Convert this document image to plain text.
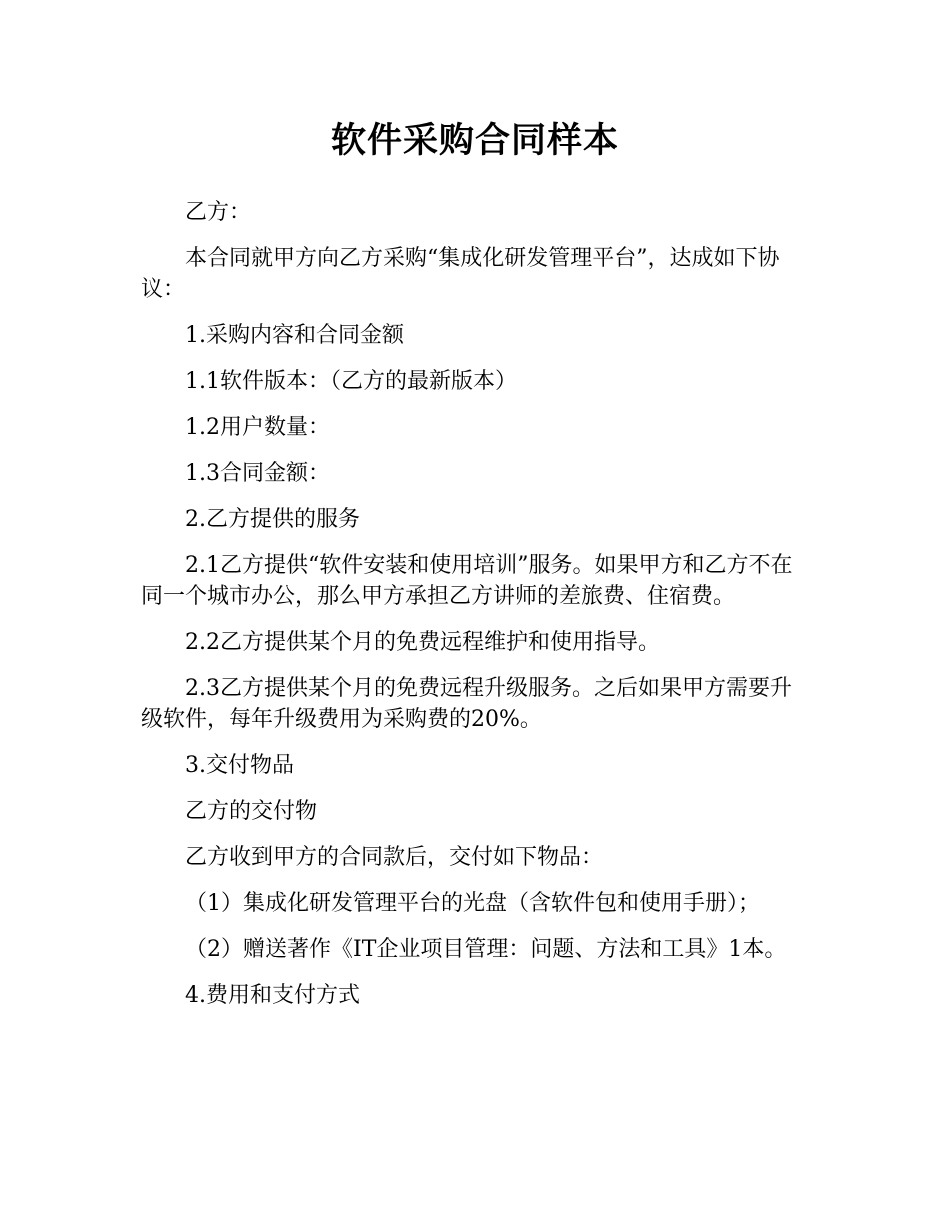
软件采购合同样本

乙方：

本合同就甲方向乙方采购“集成化研发管理平台”，达成如下协议：

1.采购内容和合同金额

1.1软件版本：（乙方的最新版本）

1.2用户数量：

1.3合同金额：

2.乙方提供的服务

2.1乙方提供“软件安装和使用培训”服务。如果甲方和乙方不在同一个城市办公，那么甲方承担乙方讲师的差旅费、住宿费。

2.2乙方提供某个月的免费远程维护和使用指导。

2.3乙方提供某个月的免费远程升级服务。之后如果甲方需要升级软件，每年升级费用为采购费的20%。

3.交付物品

乙方的交付物

乙方收到甲方的合同款后，交付如下物品：

（1）集成化研发管理平台的光盘（含软件包和使用手册）；

（2）赠送著作《IT企业项目管理：问题、方法和工具》1本。

4.费用和支付方式
